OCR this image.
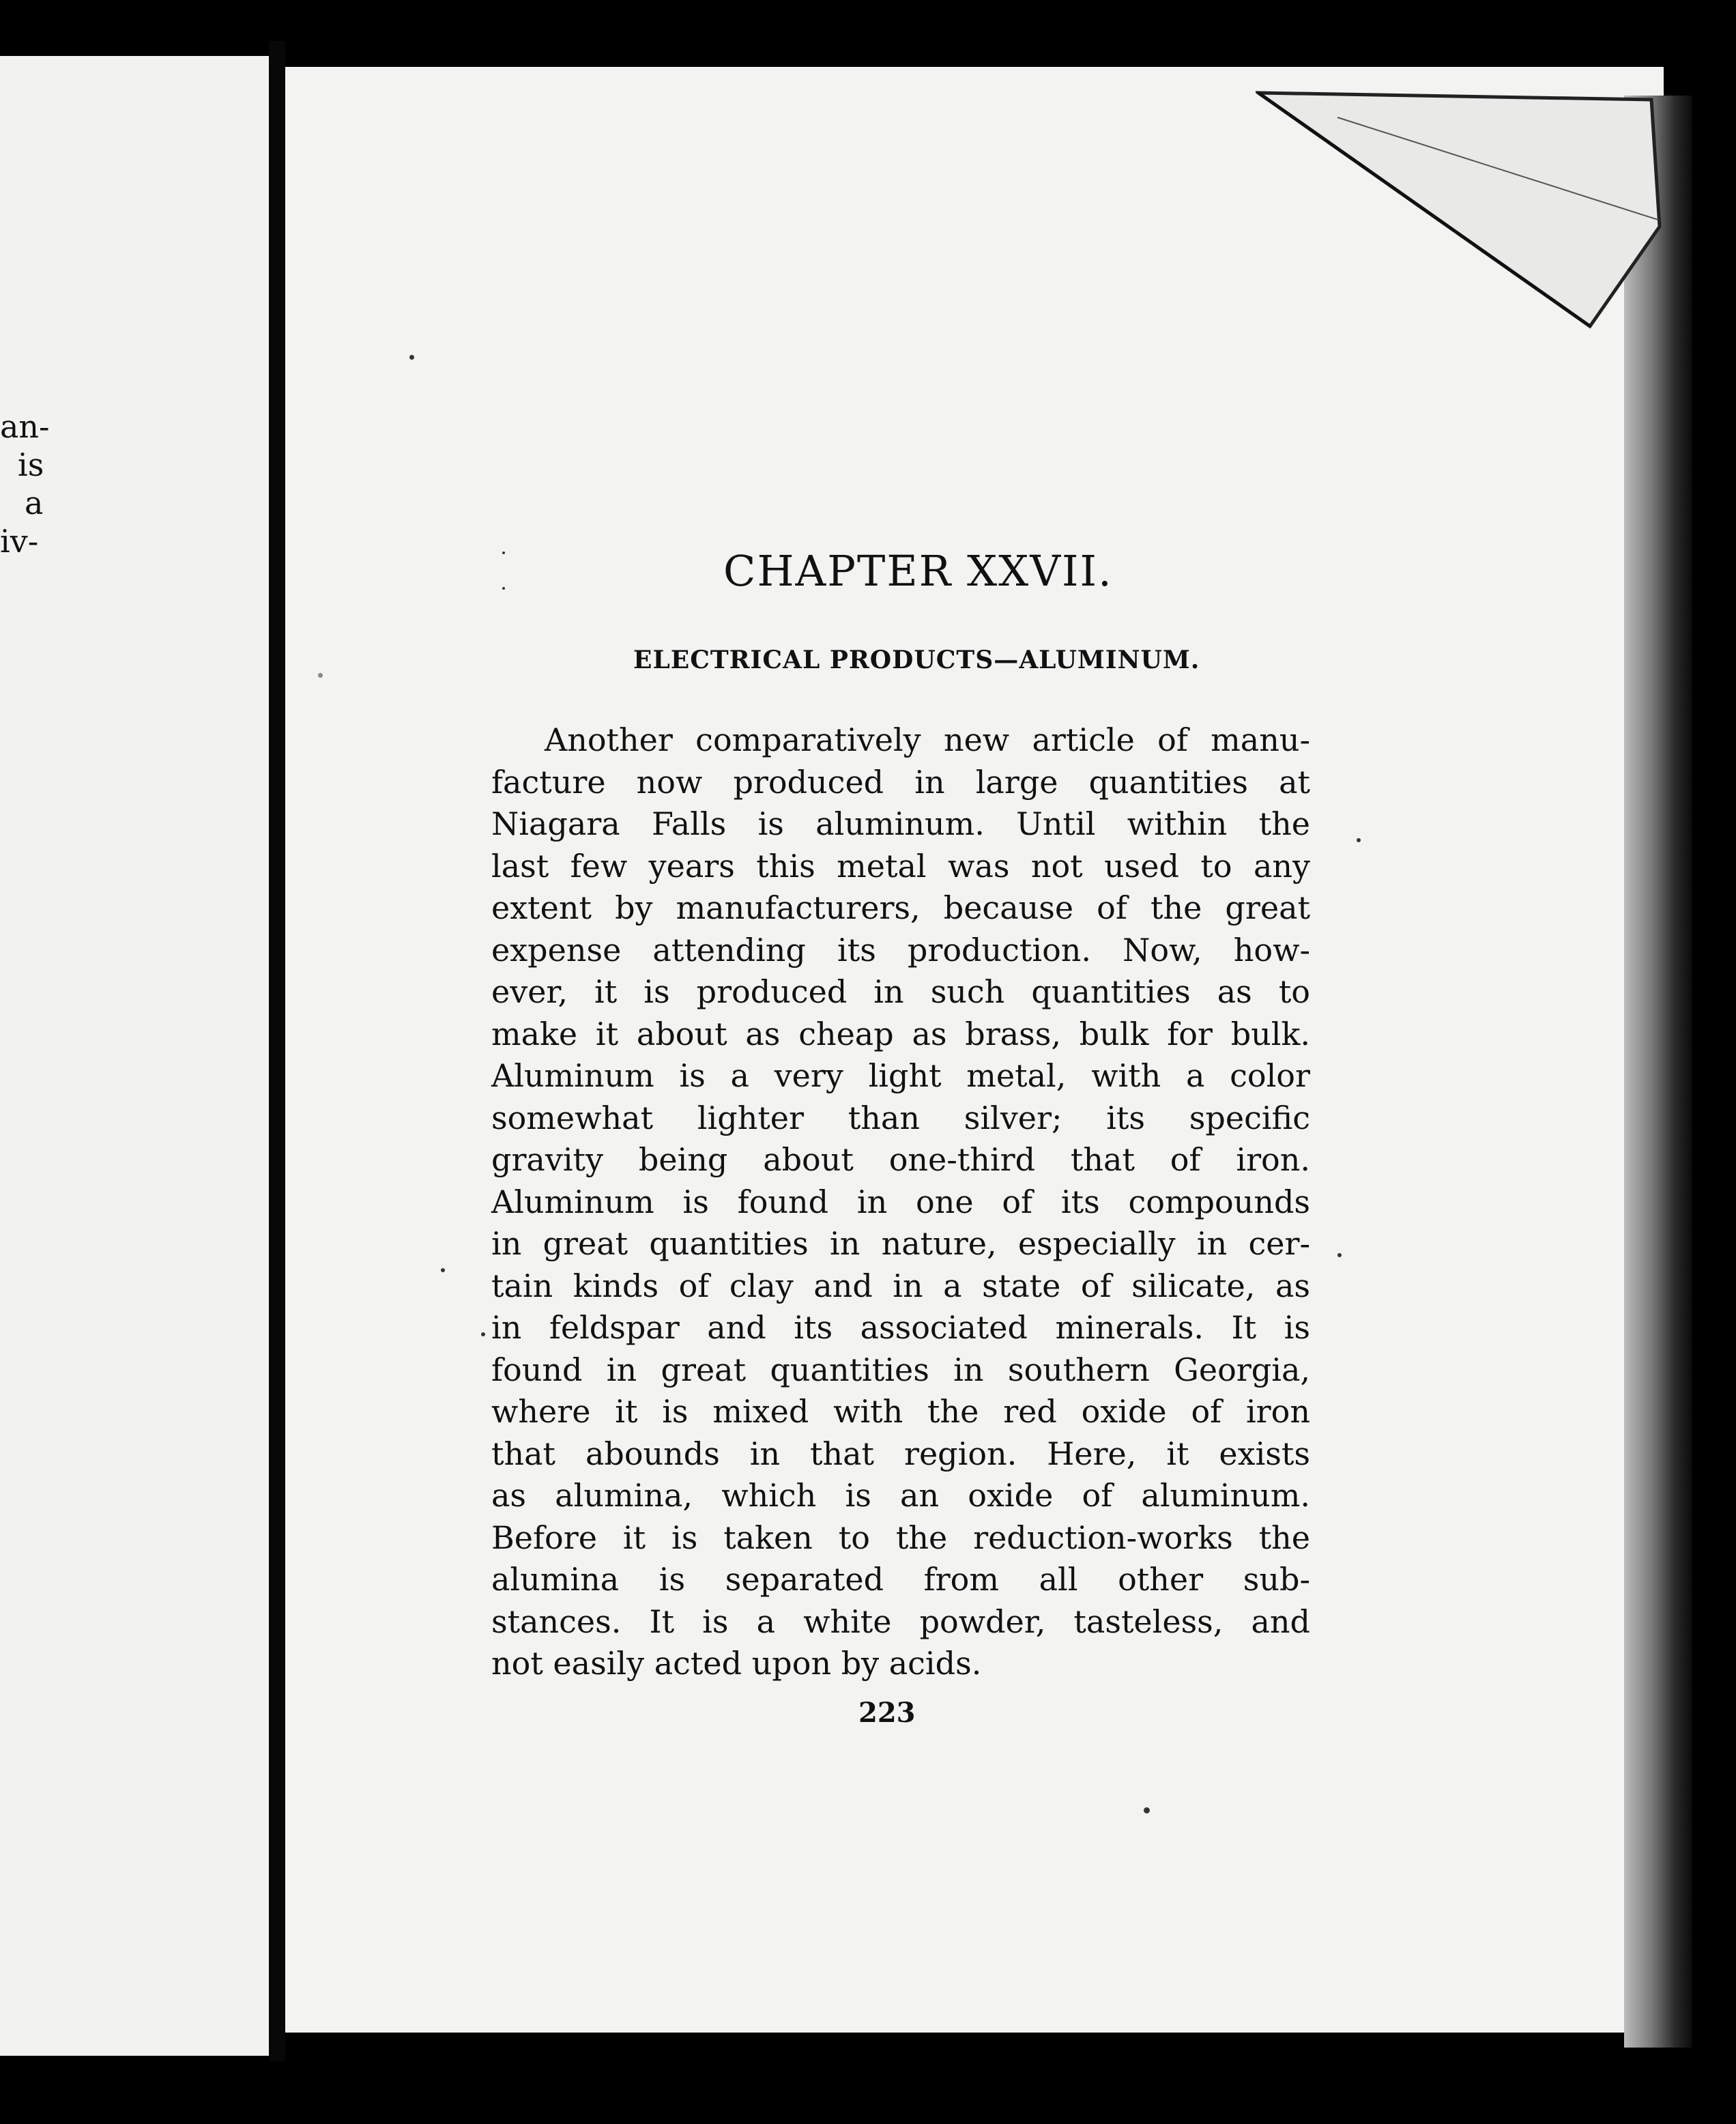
an-
is
a
iv-
CHAPTER XXVII.
ELECTRICAL PRODUCTS—ALUMINUM.
Another comparatively new article of manu-
facture now produced in large quantities at
Niagara Falls is aluminum. Until within the
last few years this metal was not used to any
extent by manufacturers, because of the great
expense attending its production. Now, how-
ever, it is produced in such quantities as to
make it about as cheap as brass, bulk for bulk.
Aluminum is a very light metal, with a color
somewhat lighter than silver; its specific
gravity being about one-third that of iron.
Aluminum is found in one of its compounds
in great quantities in nature, especially in cer-
tain kinds of clay and in a state of silicate, as
in feldspar and its associated minerals. It is
found in great quantities in southern Georgia,
where it is mixed with the red oxide of iron
that abounds in that region. Here, it exists
as alumina, which is an oxide of aluminum.
Before it is taken to the reduction-works the
alumina is separated from all other sub-
stances. It is a white powder, tasteless, and
not easily acted upon by acids.
223
